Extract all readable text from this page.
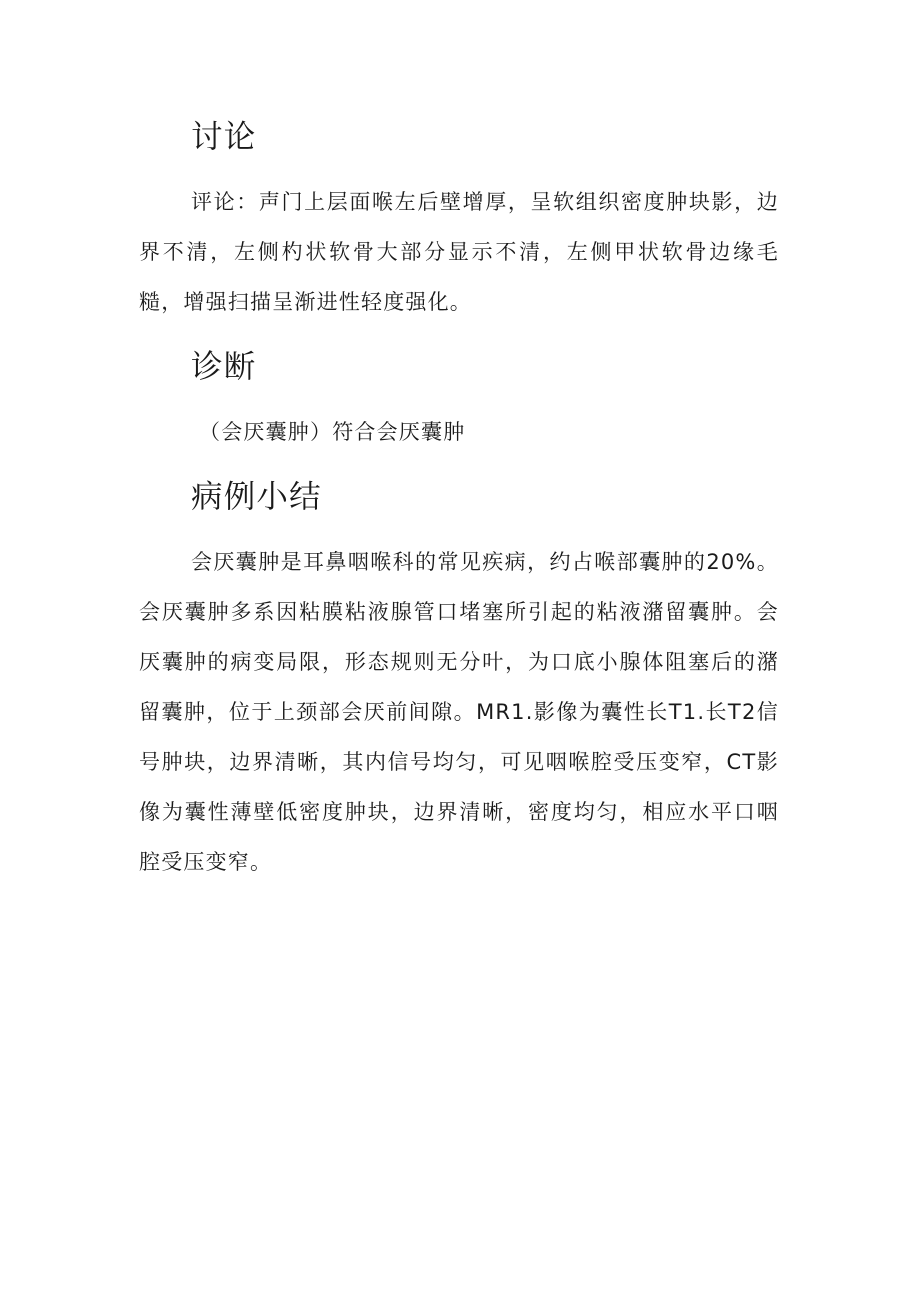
讨论

评论：声门上层面喉左后壁增厚，呈软组织密度肿块影，边界不清，左侧杓状软骨大部分显示不清，左侧甲状软骨边缘毛糙，增强扫描呈渐进性轻度强化。

诊断

（会厌囊肿）符合会厌囊肿

病例小结

会厌囊肿是耳鼻咽喉科的常见疾病，约占喉部囊肿的20%。会厌囊肿多系因粘膜粘液腺管口堵塞所引起的粘液潴留囊肿。会厌囊肿的病变局限，形态规则无分叶，为口底小腺体阻塞后的潴留囊肿，位于上颈部会厌前间隙。MR1.影像为囊性长T1.长T2信号肿块，边界清晰，其内信号均匀，可见咽喉腔受压变窄，CT影像为囊性薄壁低密度肿块，边界清晰，密度均匀，相应水平口咽腔受压变窄。
